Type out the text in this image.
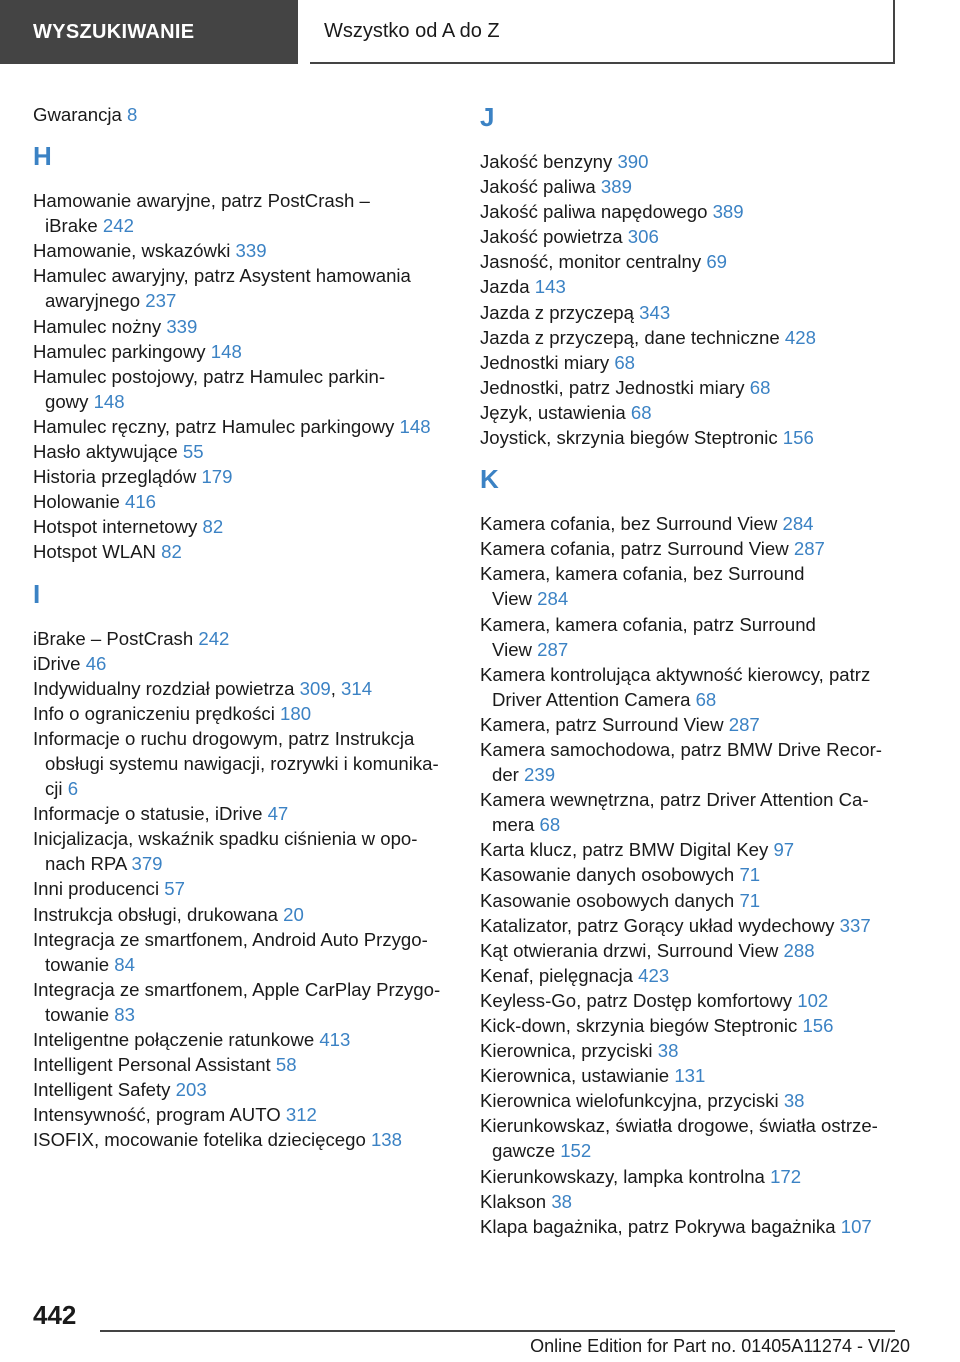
WYSZUKIWANIE	Wszystko od A do Z

Gwarancja 8

H

Hamowanie awaryjne, patrz PostCrash –
iBrake 242

Hamowanie, wskazówki 339

Hamulec awaryjny, patrz Asystent hamowania
awaryjnego 237

Hamulec nożny 339

Hamulec parkingowy 148

Hamulec postojowy, patrz Hamulec parkin-
gowy 148

Hamulec ręczny, patrz Hamulec parkingowy 148

Hasło aktywujące 55

Historia przeglądów 179

Holowanie 416

Hotspot internetowy 82

Hotspot WLAN 82

I

iBrake – PostCrash 242

iDrive 46

Indywidualny rozdział powietrza 309, 314

Info o ograniczeniu prędkości 180

Informacje o ruchu drogowym, patrz Instrukcja
obsługi systemu nawigacji, rozrywki i komunika-
cji 6

Informacje o statusie, iDrive 47

Inicjalizacja, wskaźnik spadku ciśnienia w opo-
nach RPA 379

Inni producenci 57

Instrukcja obsługi, drukowana 20

Integracja ze smartfonem, Android Auto Przygo-
towanie 84

Integracja ze smartfonem, Apple CarPlay Przygo-
towanie 83

Inteligentne połączenie ratunkowe 413

Intelligent Personal Assistant 58

Intelligent Safety 203

Intensywność, program AUTO 312

ISOFIX, mocowanie fotelika dziecięcego 138

J

Jakość benzyny 390

Jakość paliwa 389

Jakość paliwa napędowego 389

Jakość powietrza 306

Jasność, monitor centralny 69

Jazda 143

Jazda z przyczepą 343

Jazda z przyczepą, dane techniczne 428

Jednostki miary 68

Jednostki, patrz Jednostki miary 68

Język, ustawienia 68

Joystick, skrzynia biegów Steptronic 156

K

Kamera cofania, bez Surround View 284

Kamera cofania, patrz Surround View 287

Kamera, kamera cofania, bez Surround
View 284

Kamera, kamera cofania, patrz Surround
View 287

Kamera kontrolująca aktywność kierowcy, patrz
Driver Attention Camera 68

Kamera, patrz Surround View 287

Kamera samochodowa, patrz BMW Drive Recor-
der 239

Kamera wewnętrzna, patrz Driver Attention Ca-
mera 68

Karta klucz, patrz BMW Digital Key 97

Kasowanie danych osobowych 71

Kasowanie osobowych danych 71

Katalizator, patrz Gorący układ wydechowy 337

Kąt otwierania drzwi, Surround View 288

Kenaf, pielęgnacja 423

Keyless-Go, patrz Dostęp komfortowy 102

Kick-down, skrzynia biegów Steptronic 156

Kierownica, przyciski 38

Kierownica, ustawianie 131

Kierownica wielofunkcyjna, przyciski 38

Kierunkowskaz, światła drogowe, światła ostrze-
gawcze 152

Kierunkowskazy, lampka kontrolna 172

Klakson 38

Klapa bagażnika, patrz Pokrywa bagażnika 107

442
Online Edition for Part no. 01405A11274 - VI/20
